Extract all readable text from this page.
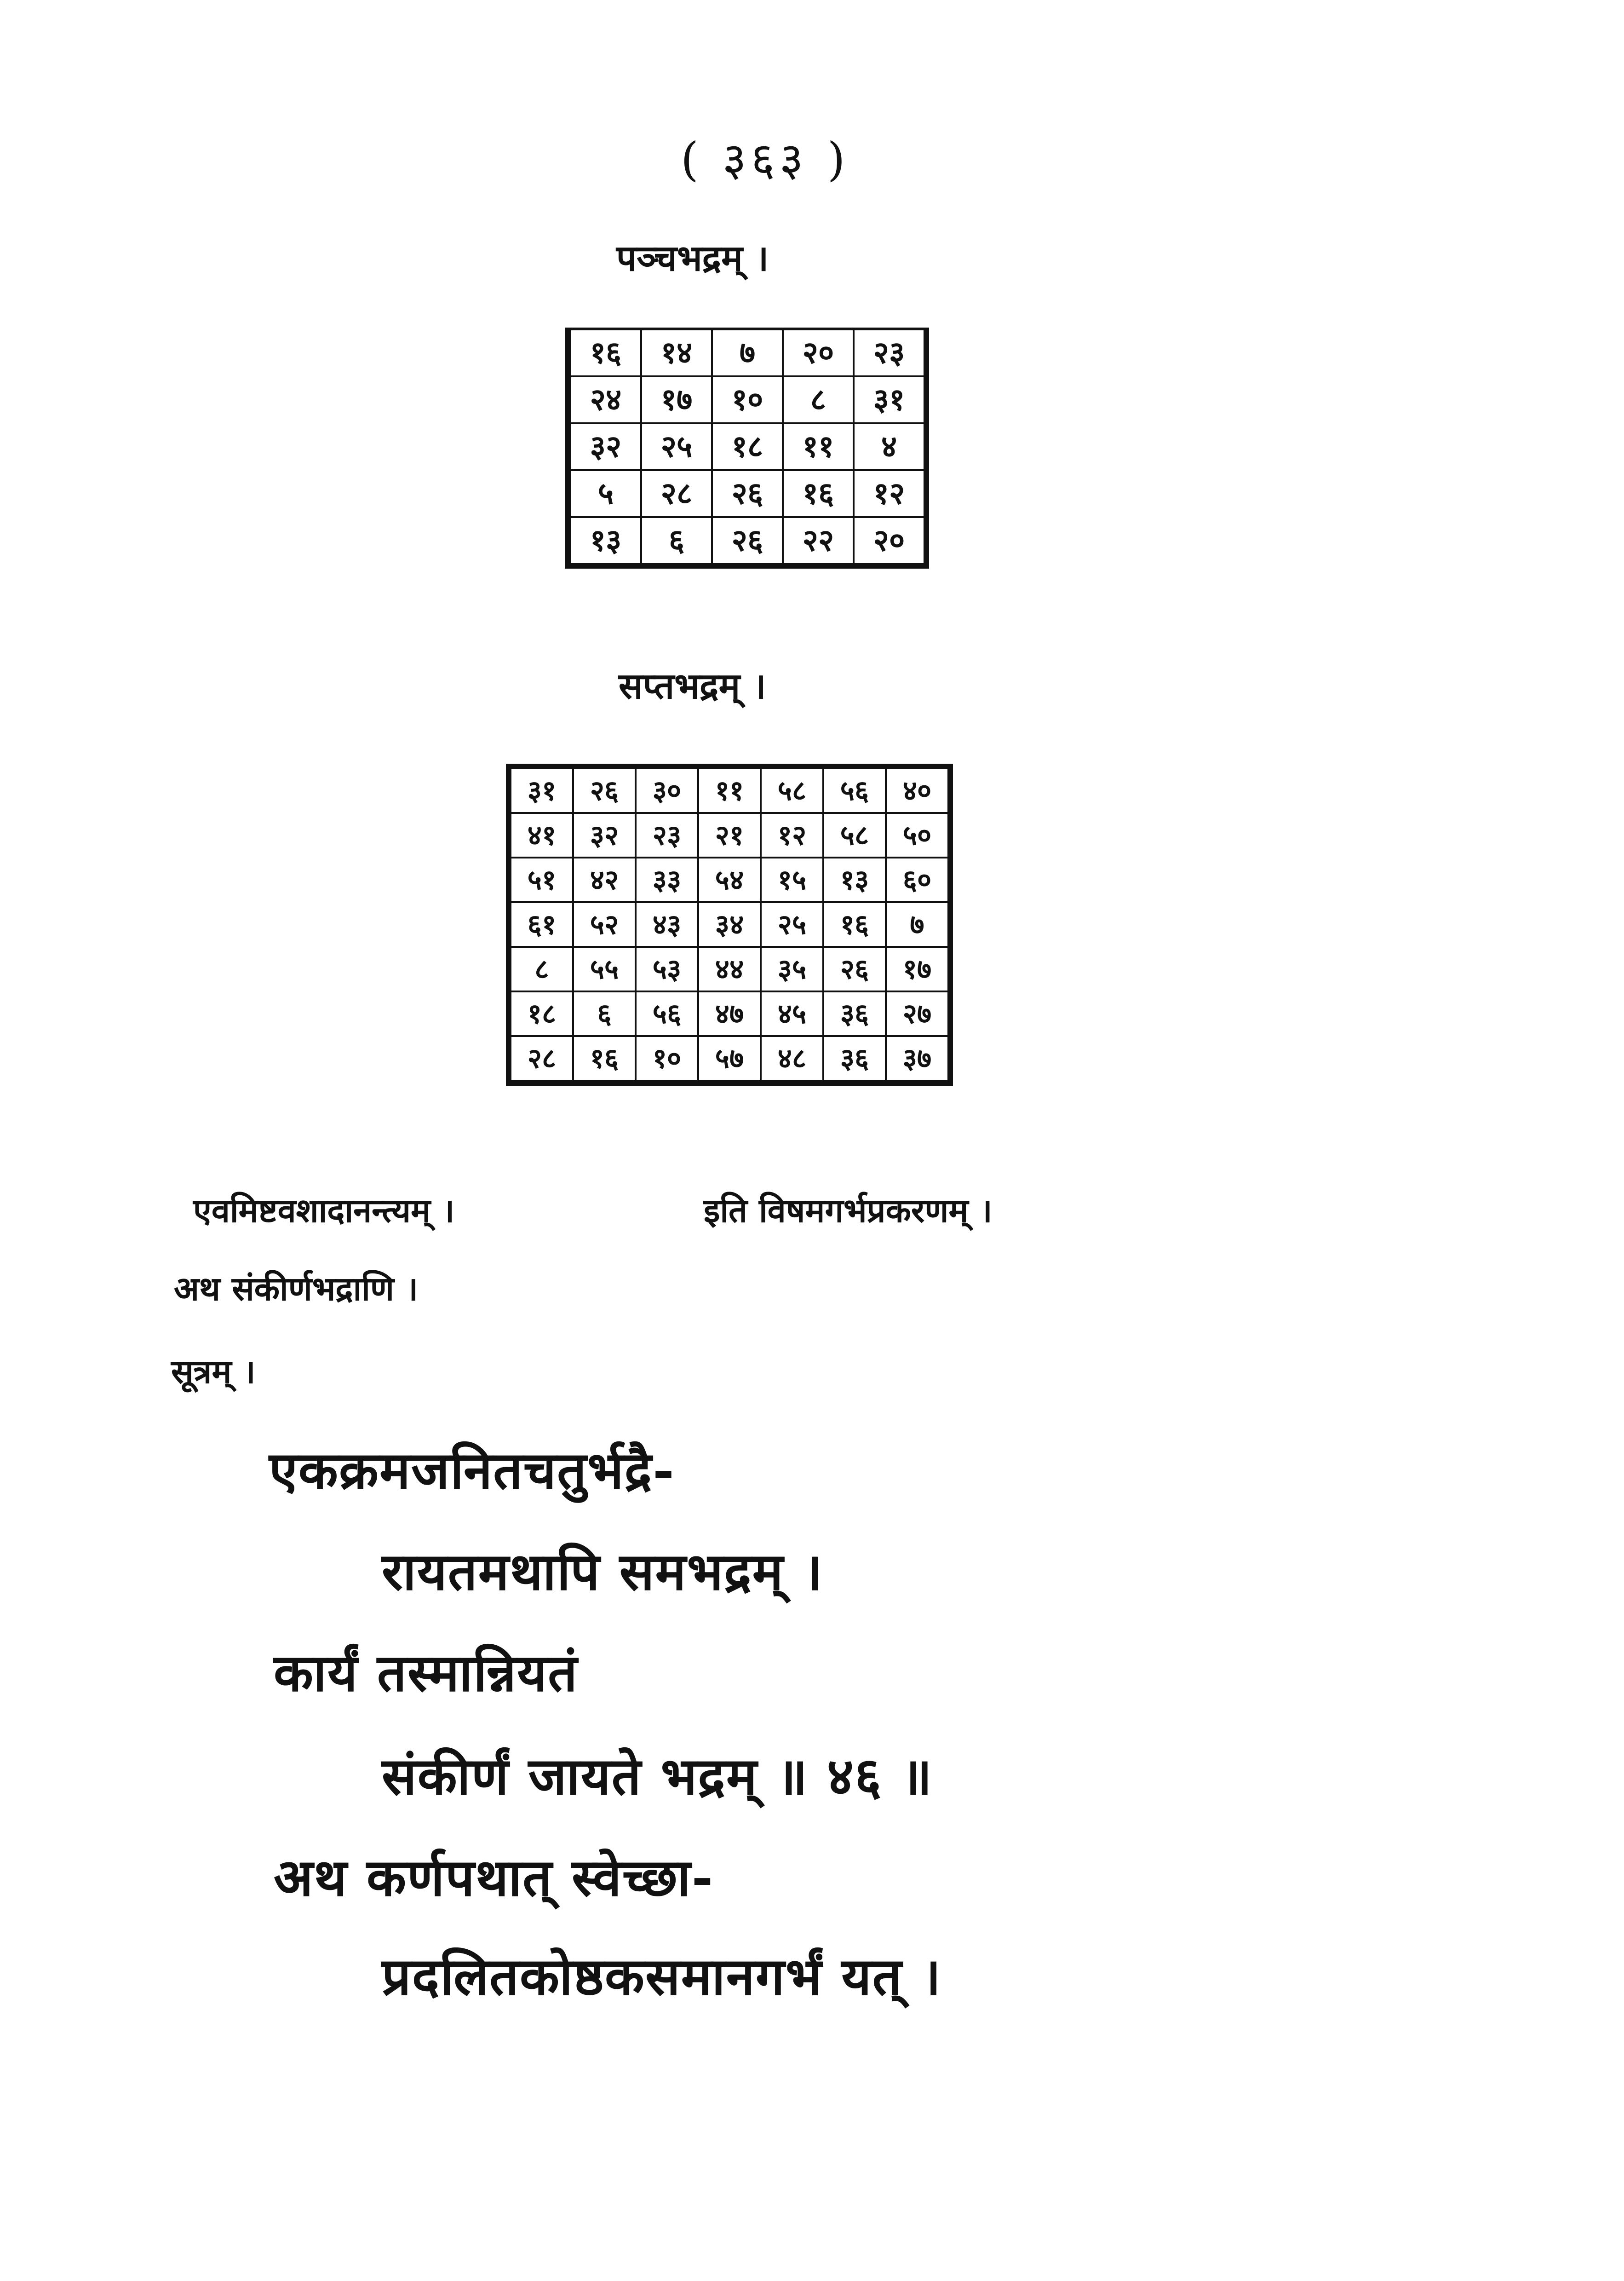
( ३६३ )
पञ्चभद्रम् ।
१६	१४	७	२०	२३
२४	१७	१०	८	३१
३२	२५	१८	११	४
५	२८	२६	१६	१२
१३	६	२६	२२	२०
सप्तभद्रम् ।
३१	२६	३०	११	५८	५६	४०
४१	३२	२३	२१	१२	५८	५०
५१	४२	३३	५४	१५	१३	६०
६१	५२	४३	३४	२५	१६	७
८	५५	५३	४४	३५	२६	१७
१८	६	५६	४७	४५	३६	२७
२८	१६	१०	५७	४८	३६	३७
एवमिष्टवशादानन्त्यम् ।	इति विषमगर्भप्रकरणम् ।
अथ संकीर्णभद्राणि ।
सूत्रम् ।
एकक्रमजनितचतुर्भद्रै-
रायतमथापि समभद्रम् ।
कार्यं तस्मान्नियतं
संकीर्णं जायते भद्रम् ॥ ४६ ॥
अथ कर्णपथात् स्वेच्छा-
प्रदलितकोष्ठकसमानगर्भं यत् ।
